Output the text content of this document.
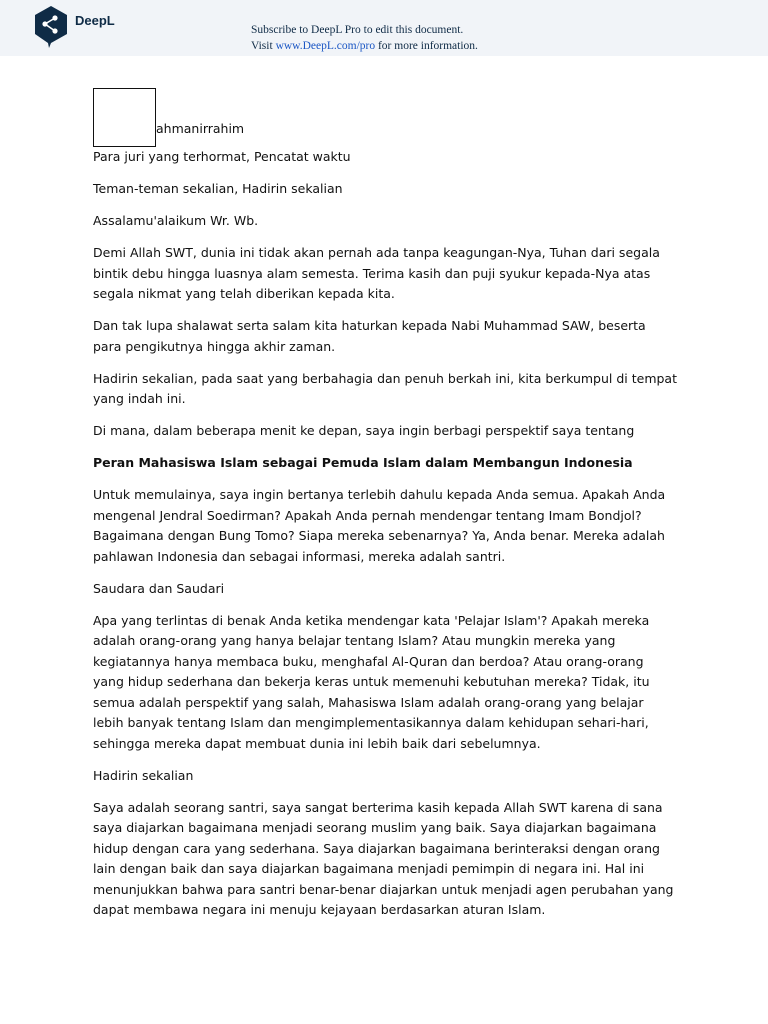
DeepL
Subscribe to DeepL Pro to edit this document.
Visit www.DeepL.com/pro for more information.

ahmanirrahim

Para juri yang terhormat, Pencatat waktu

Teman-teman sekalian, Hadirin sekalian

Assalamu'alaikum Wr. Wb.

Demi Allah SWT, dunia ini tidak akan pernah ada tanpa keagungan-Nya, Tuhan dari segala bintik debu hingga luasnya alam semesta. Terima kasih dan puji syukur kepada-Nya atas segala nikmat yang telah diberikan kepada kita.

Dan tak lupa shalawat serta salam kita haturkan kepada Nabi Muhammad SAW, beserta para pengikutnya hingga akhir zaman.

Hadirin sekalian, pada saat yang berbahagia dan penuh berkah ini, kita berkumpul di tempat yang indah ini.

Di mana, dalam beberapa menit ke depan, saya ingin berbagi perspektif saya tentang

Peran Mahasiswa Islam sebagai Pemuda Islam dalam Membangun Indonesia

Untuk memulainya, saya ingin bertanya terlebih dahulu kepada Anda semua. Apakah Anda mengenal Jendral Soedirman? Apakah Anda pernah mendengar tentang Imam Bondjol? Bagaimana dengan Bung Tomo? Siapa mereka sebenarnya? Ya, Anda benar. Mereka adalah pahlawan Indonesia dan sebagai informasi, mereka adalah santri.

Saudara dan Saudari

Apa yang terlintas di benak Anda ketika mendengar kata 'Pelajar Islam'? Apakah mereka adalah orang-orang yang hanya belajar tentang Islam? Atau mungkin mereka yang kegiatannya hanya membaca buku, menghafal Al-Quran dan berdoa? Atau orang-orang yang hidup sederhana dan bekerja keras untuk memenuhi kebutuhan mereka? Tidak, itu semua adalah perspektif yang salah, Mahasiswa Islam adalah orang-orang yang belajar lebih banyak tentang Islam dan mengimplementasikannya dalam kehidupan sehari-hari, sehingga mereka dapat membuat dunia ini lebih baik dari sebelumnya.

Hadirin sekalian

Saya adalah seorang santri, saya sangat berterima kasih kepada Allah SWT karena di sana saya diajarkan bagaimana menjadi seorang muslim yang baik. Saya diajarkan bagaimana hidup dengan cara yang sederhana. Saya diajarkan bagaimana berinteraksi dengan orang lain dengan baik dan saya diajarkan bagaimana menjadi pemimpin di negara ini. Hal ini menunjukkan bahwa para santri benar-benar diajarkan untuk menjadi agen perubahan yang dapat membawa negara ini menuju kejayaan berdasarkan aturan Islam.
